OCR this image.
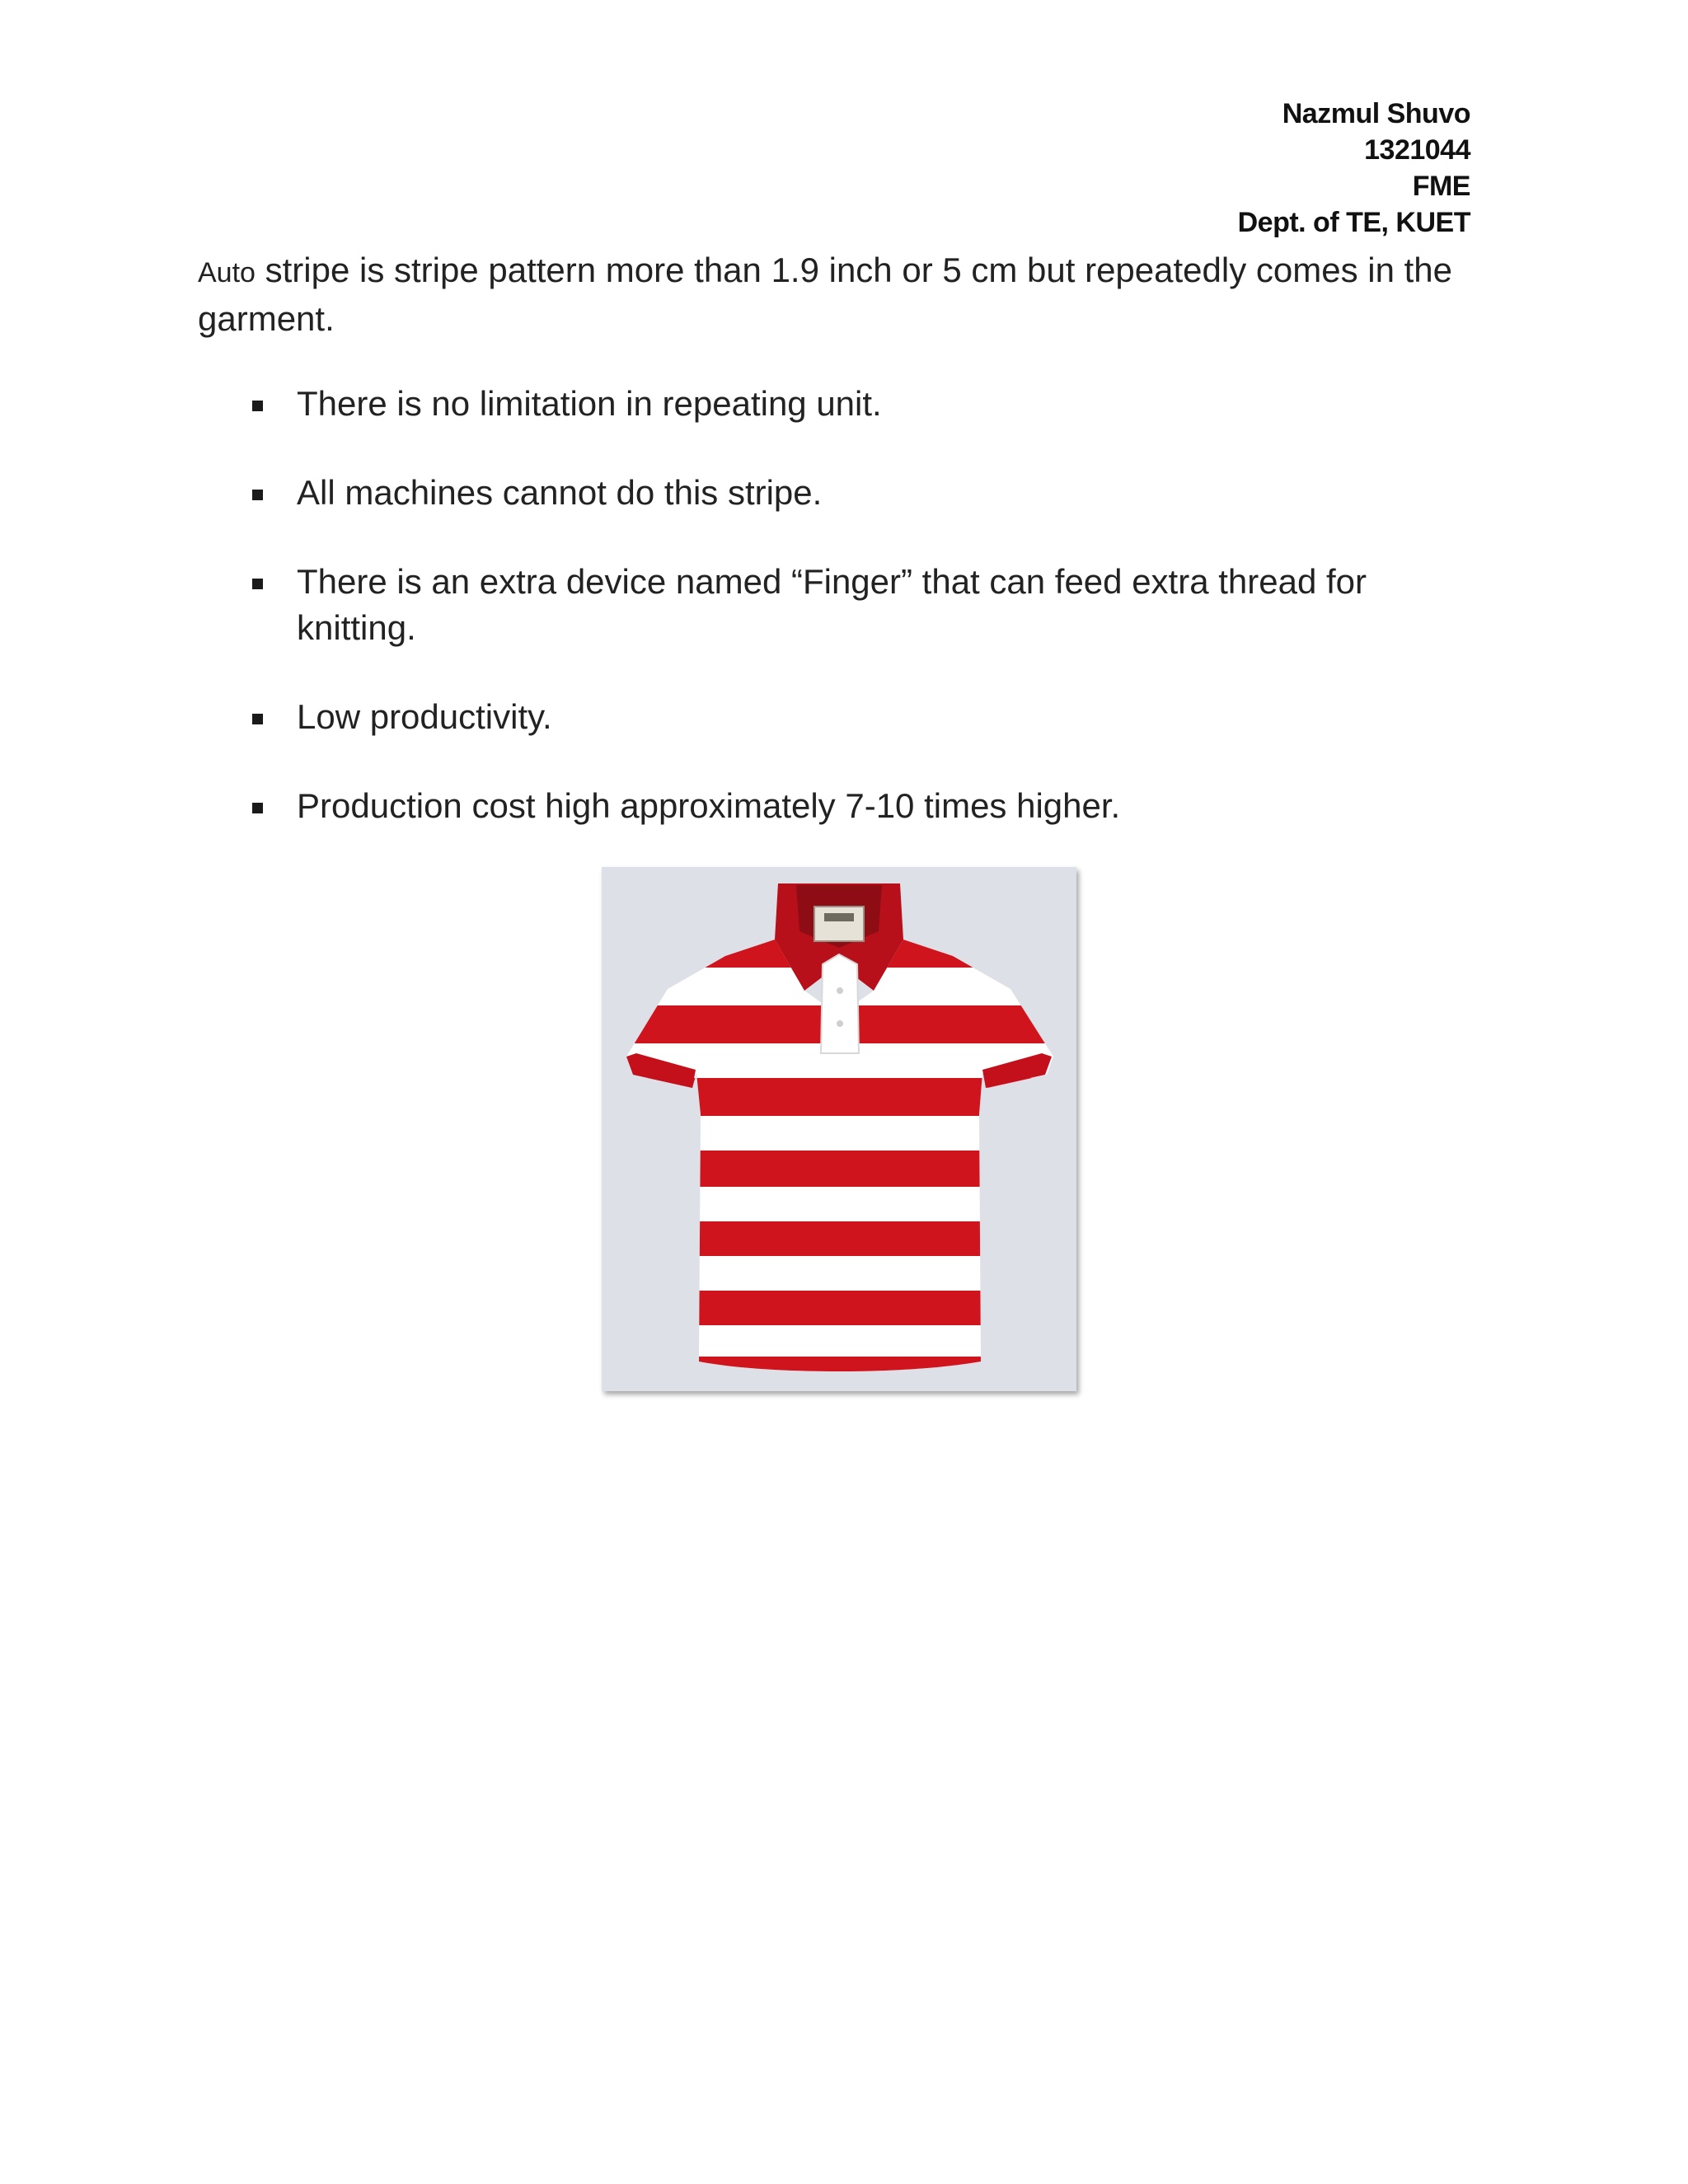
Nazmul Shuvo
1321044
FME
Dept. of TE, KUET
Auto stripe is stripe pattern more than 1.9 inch or 5 cm but repeatedly comes in the garment.
There is no limitation in repeating unit.
All machines cannot do this stripe.
There is an extra device named “Finger” that can feed extra thread for knitting.
Low productivity.
Production cost high approximately 7-10 times higher.
